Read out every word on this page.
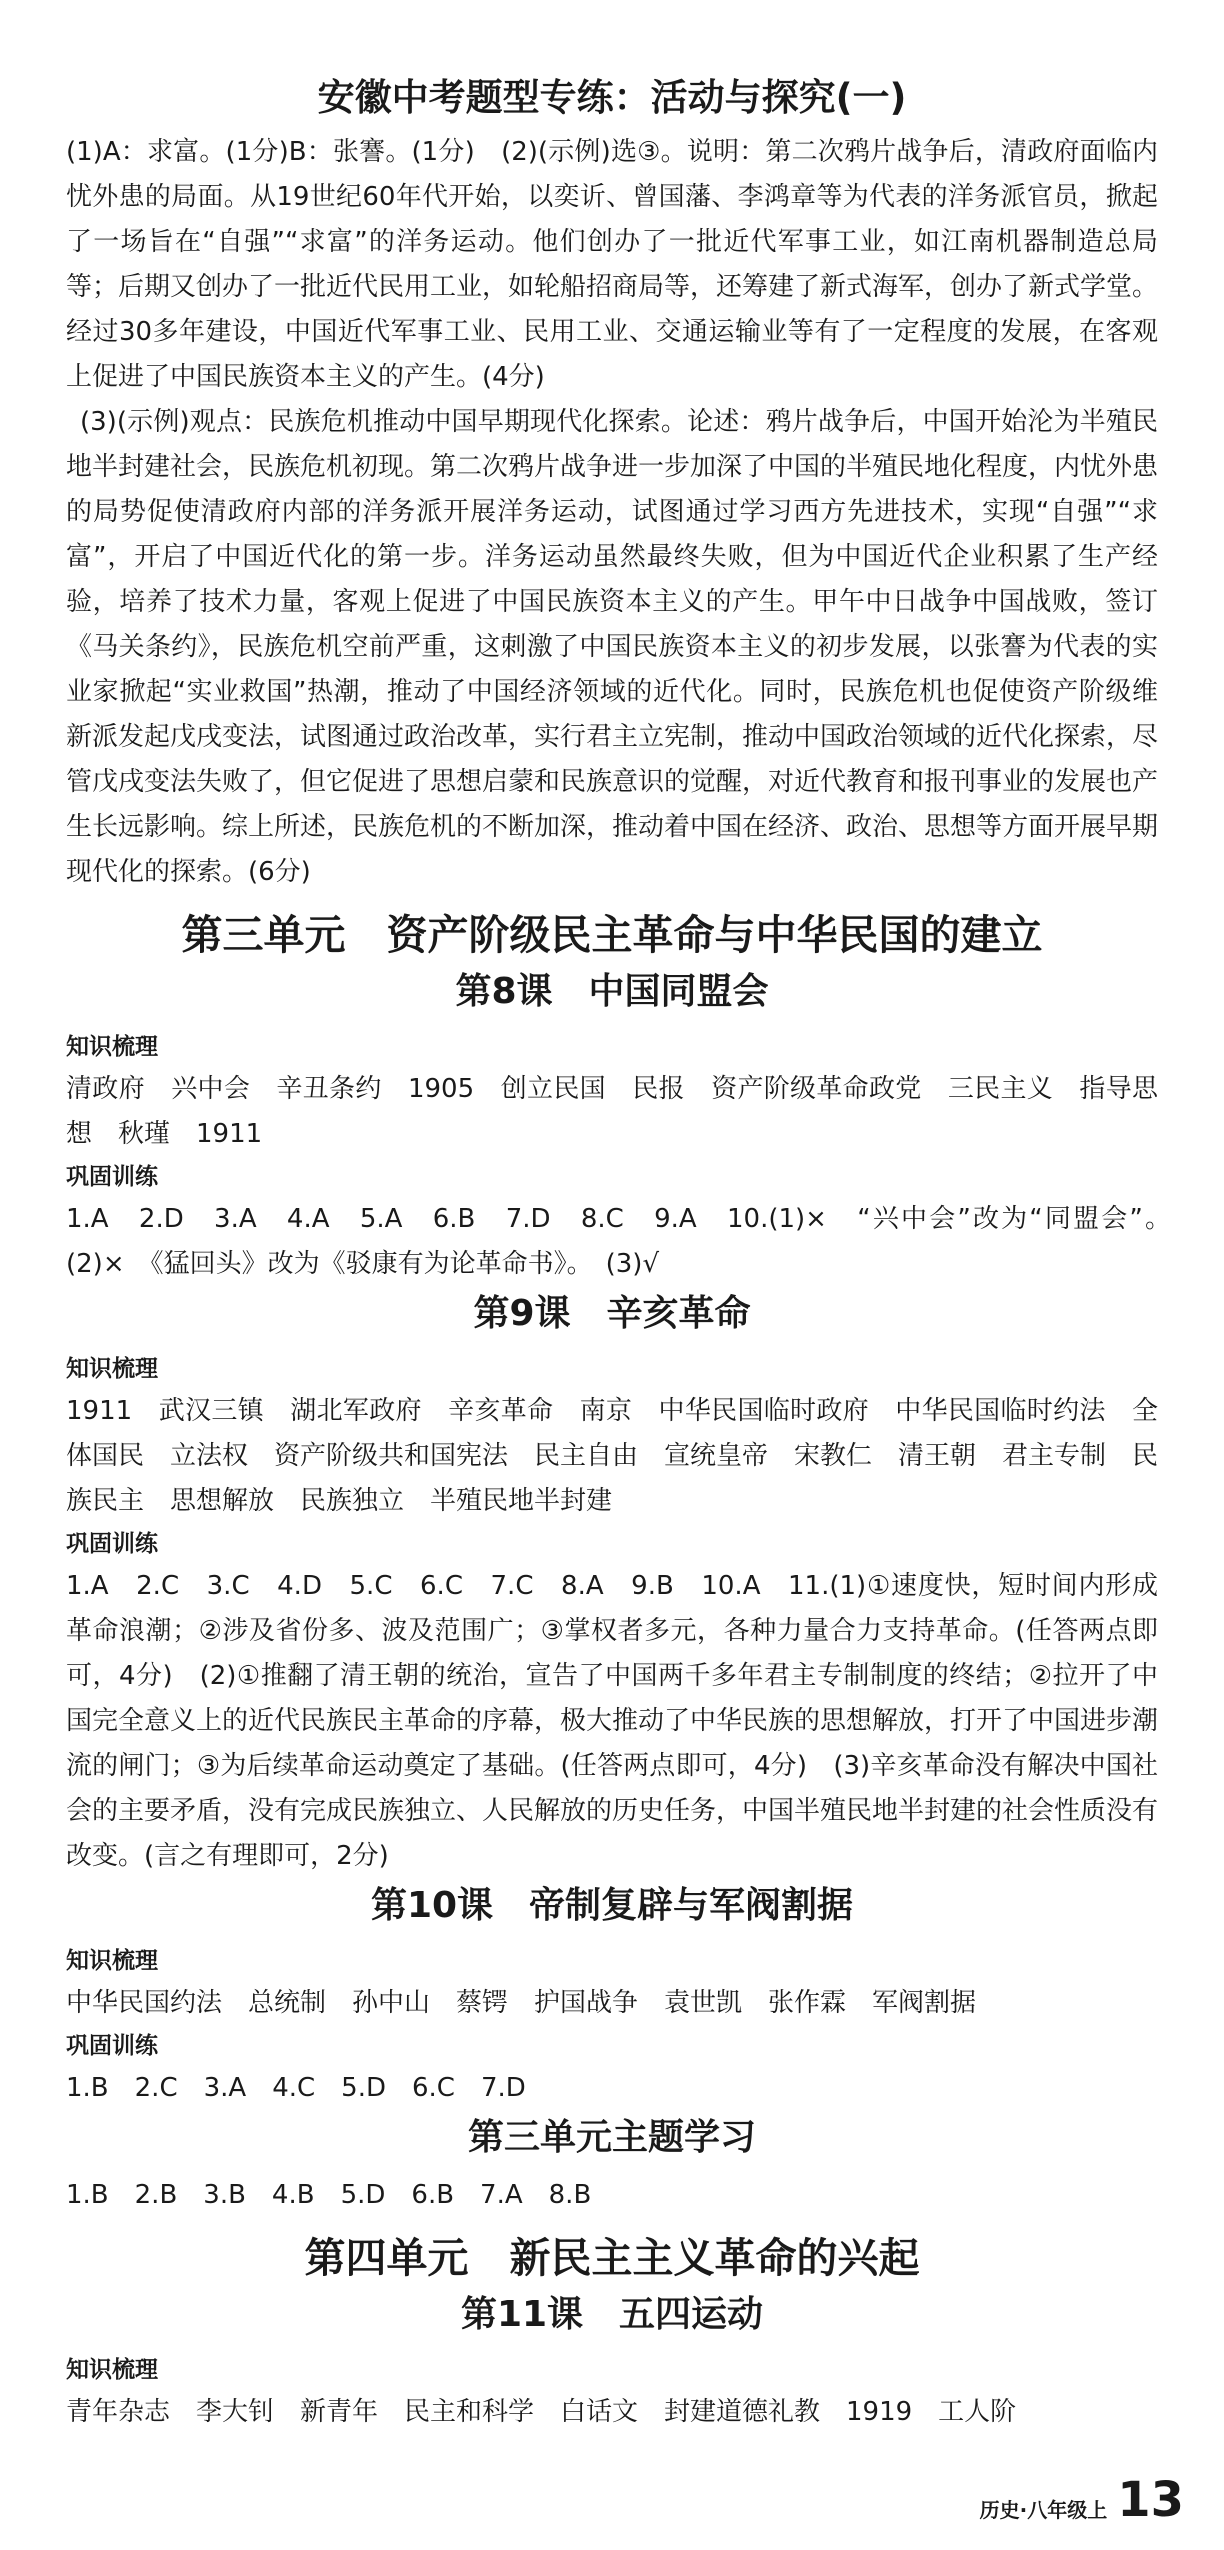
安徽中考题型专练：活动与探究(一)

(1)A：求富。(1分)B：张謇。(1分)　(2)(示例)选③。说明：第二次鸦片战争后，清政府面临内忧外患的局面。从19世纪60年代开始，以奕䜣、曾国藩、李鸿章等为代表的洋务派官员，掀起了一场旨在“自强”“求富”的洋务运动。他们创办了一批近代军事工业，如江南机器制造总局等；后期又创办了一批近代民用工业，如轮船招商局等，还筹建了新式海军，创办了新式学堂。经过30多年建设，中国近代军事工业、民用工业、交通运输业等有了一定程度的发展，在客观上促进了中国民族资本主义的产生。(4分)

(3)(示例)观点：民族危机推动中国早期现代化探索。论述：鸦片战争后，中国开始沦为半殖民地半封建社会，民族危机初现。第二次鸦片战争进一步加深了中国的半殖民地化程度，内忧外患的局势促使清政府内部的洋务派开展洋务运动，试图通过学习西方先进技术，实现“自强”“求富”，开启了中国近代化的第一步。洋务运动虽然最终失败，但为中国近代企业积累了生产经验，培养了技术力量，客观上促进了中国民族资本主义的产生。甲午中日战争中国战败，签订《马关条约》，民族危机空前严重，这刺激了中国民族资本主义的初步发展，以张謇为代表的实业家掀起“实业救国”热潮，推动了中国经济领域的近代化。同时，民族危机也促使资产阶级维新派发起戊戌变法，试图通过政治改革，实行君主立宪制，推动中国政治领域的近代化探索，尽管戊戌变法失败了，但它促进了思想启蒙和民族意识的觉醒，对近代教育和报刊事业的发展也产生长远影响。综上所述，民族危机的不断加深，推动着中国在经济、政治、思想等方面开展早期现代化的探索。(6分)

第三单元　资产阶级民主革命与中华民国的建立
第8课　中国同盟会
知识梳理

清政府　兴中会　辛丑条约　1905　创立民国　民报　资产阶级革命政党　三民主义　指导思想　秋瑾　1911

巩固训练

1.A　2.D　3.A　4.A　5.A　6.B　7.D　8.C　9.A　10.(1)×　“兴中会”改为“同盟会”。　(2)×　《猛回头》改为《驳康有为论革命书》。　(3)√

第9课　辛亥革命
知识梳理

1911　武汉三镇　湖北军政府　辛亥革命　南京　中华民国临时政府　中华民国临时约法　全体国民　立法权　资产阶级共和国宪法　民主自由　宣统皇帝　宋教仁　清王朝　君主专制　民族民主　思想解放　民族独立　半殖民地半封建

巩固训练

1.A　2.C　3.C　4.D　5.C　6.C　7.C　8.A　9.B　10.A　11.(1)①速度快，短时间内形成革命浪潮；②涉及省份多、波及范围广；③掌权者多元，各种力量合力支持革命。(任答两点即可，4分)　(2)①推翻了清王朝的统治，宣告了中国两千多年君主专制制度的终结；②拉开了中国完全意义上的近代民族民主革命的序幕，极大推动了中华民族的思想解放，打开了中国进步潮流的闸门；③为后续革命运动奠定了基础。(任答两点即可，4分)　(3)辛亥革命没有解决中国社会的主要矛盾，没有完成民族独立、人民解放的历史任务，中国半殖民地半封建的社会性质没有改变。(言之有理即可，2分)

第10课　帝制复辟与军阀割据
知识梳理

中华民国约法　总统制　孙中山　蔡锷　护国战争　袁世凯　张作霖　军阀割据

巩固训练

1.B　2.C　3.A　4.C　5.D　6.C　7.D

第三单元主题学习

1.B　2.B　3.B　4.B　5.D　6.B　7.A　8.B

第四单元　新民主主义革命的兴起
第11课　五四运动
知识梳理

青年杂志　李大钊　新青年　民主和科学　白话文　封建道德礼教　1919　工人阶

历史·八年级上 13
